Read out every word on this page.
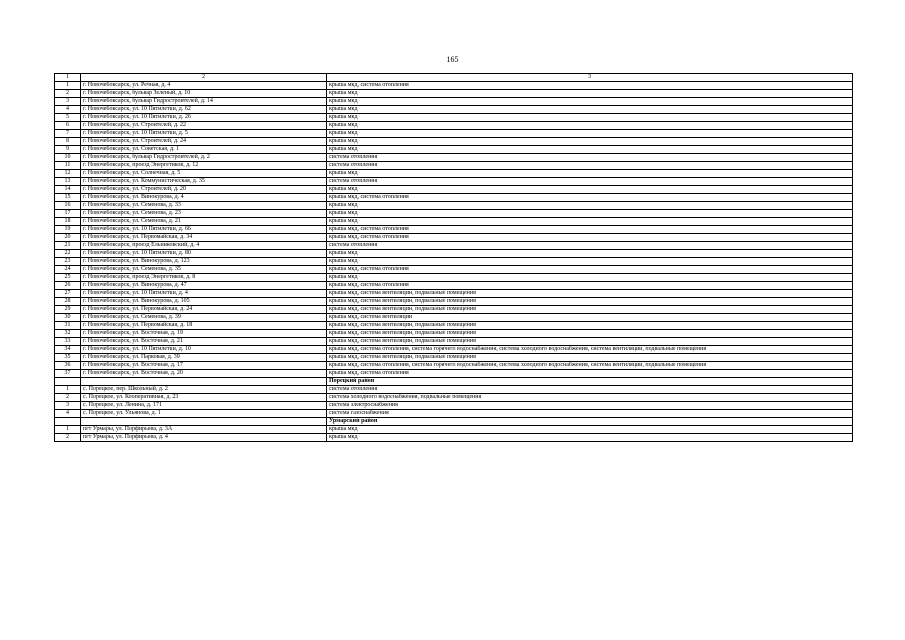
165
1	2	3
1	г. Новочебоксарск, ул. Речная, д. 4	крыша мкд, система отопления
2	г. Новочебоксарск, бульвар Зеленый, д. 10	крыша мкд
3	г. Новочебоксарск, бульвар Гидростроителей, д. 14	крыша мкд
4	г. Новочебоксарск, ул. 10 Пятилетки, д. 62	крыша мкд
5	г. Новочебоксарск, ул. 10 Пятилетки, д. 26	крыша мкд
6	г. Новочебоксарск, ул. Строителей, д. 22	крыша мкд
7	г. Новочебоксарск, ул. 10 Пятилетки, д. 5	крыша мкд
8	г. Новочебоксарск, ул. Строителей, д. 24	крыша мкд
9	г. Новочебоксарск, ул. Советская, д. 1	крыша мкд
10	г. Новочебоксарск, бульвар Гидростроителей, д. 2	система отопления
11	г. Новочебоксарск, проезд Энергетиков, д. 12	система отопления
12	г. Новочебоксарск, ул. Солнечная, д. 5	крыша мкд
13	г. Новочебоксарск, ул. Коммунистическая, д. 35	система отопления
14	г. Новочебоксарск, ул. Строителей, д. 20	крыша мкд
15	г. Новочебоксарск, ул. Винокурова, д. 4	крыша мкд, система отопления
16	г. Новочебоксарск, ул. Семенова, д. 33	крыша мкд
17	г. Новочебоксарск, ул. Семенова, д. 23	крыша мкд
18	г. Новочебоксарск, ул. Семенова, д. 21	крыша мкд
19	г. Новочебоксарск, ул. 10 Пятилетки, д. 66	крыша мкд, система отопления
20	г. Новочебоксарск, ул. Первомайская, д. 34	крыша мкд, система отопления
21	г. Новочебоксарск, проезд Ельниковский, д. 4	система отопления
22	г. Новочебоксарск, ул. 10 Пятилетки, д. 80	крыша мкд
23	г. Новочебоксарск, ул. Винокурова, д. 123	крыша мкд
24	г. Новочебоксарск, ул. Семенова, д. 35	крыша мкд, система отопления
25	г. Новочебоксарск, проезд Энергетиков, д. 8	крыша мкд
26	г. Новочебоксарск, ул. Винокурова, д. 47	крыша мкд, система отопления
27	г. Новочебоксарск, ул. 10 Пятилетки, д. 4	крыша мкд, система вентиляции, подвальные помещения
28	г. Новочебоксарск, ул. Винокурова, д. 105	крыша мкд, система вентиляции, подвальные помещения
29	г. Новочебоксарск, ул. Первомайская, д. 24	крыша мкд, система вентиляции, подвальные помещения
30	г. Новочебоксарск, ул. Семенова, д. 39	крыша мкд, система вентиляции
31	г. Новочебоксарск, ул. Первомайская, д. 18	крыша мкд, система вентиляции, подвальные помещения
32	г. Новочебоксарск, ул. Восточная, д. 19	крыша мкд, система вентиляции, подвальные помещения
33	г. Новочебоксарск, ул. Восточная, д. 21	крыша мкд, система вентиляции, подвальные помещения
34	г. Новочебоксарск, ул. 10 Пятилетки, д. 10	крыша мкд, система отопления, система горячего водоснабжения, система холодного водоснабжения, система вентиляции, подвальные помещения
35	г. Новочебоксарск, ул. Парковая, д. 39	крыша мкд, система вентиляции, подвальные помещения
36	г. Новочебоксарск, ул. Восточная, д. 17	крыша мкд, система отопления, система горячего водоснабжения, система холодного водоснабжения, система вентиляции, подвальные помещения
37	г. Новочебоксарск, ул. Восточная, д. 20	крыша мкд, система отопления
		Порецкий район
1	с. Порецкое, пер. Школьный, д. 2	система отопления
2	с. Порецкое, ул. Кооперативная, д. 23	система холодного водоснабжения, подвальные помещения
3	с. Порецкое, ул. Ленина, д. 171	система электроснабжения
4	с. Порецкое, ул. Ульянова, д. 1	система газоснабжения
		Урмарский район
1	пгт Урмары, ул. Порфирьева, д. 3А	крыша мкд
2	пгт Урмары, ул. Порфирьева, д. 4	крыша мкд
